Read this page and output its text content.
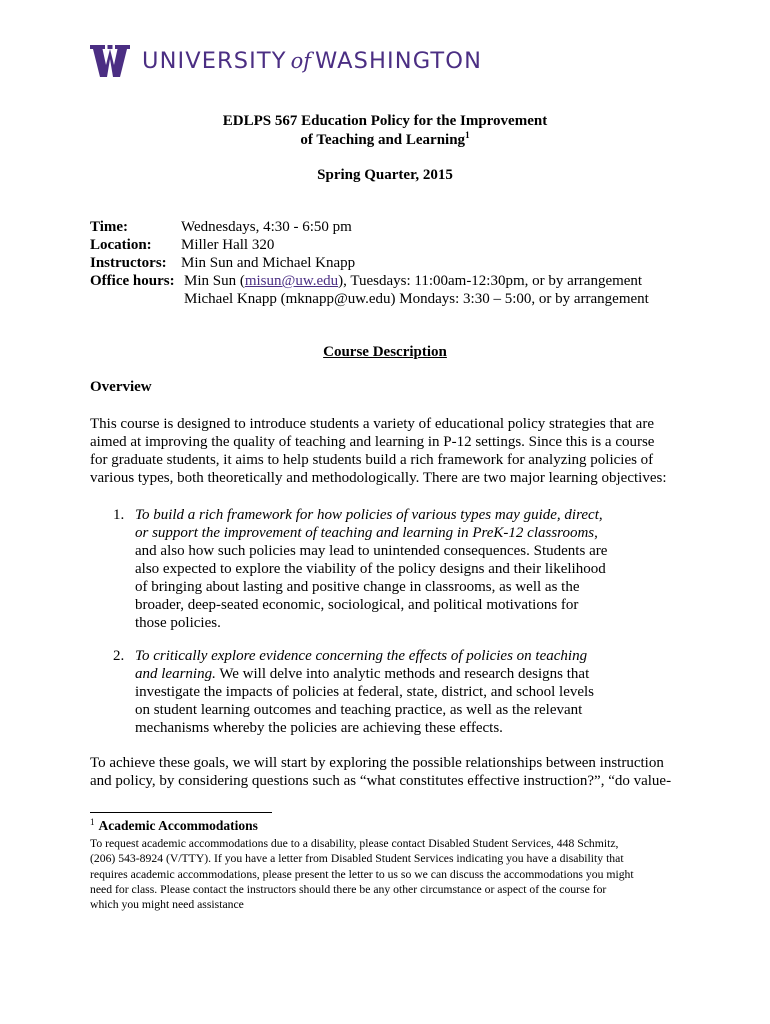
UNIVERSITY of WASHINGTON
EDLPS 567 Education Policy for the Improvement
of Teaching and Learning$^1$
Spring Quarter, 2015
Time:	Wednesdays, 4:30 - 6:50 pm
Location:	Miller Hall 320
Instructors: Min Sun and Michael Knapp
Office hours: Min Sun (misun@uw.edu), Tuesdays: 11:00am-12:30pm, or by arrangement
Michael Knapp (mknapp@uw.edu) Mondays: 3:30 – 5:00, or by arrangement
Course Description
Overview

This course is designed to introduce students a variety of educational policy strategies that are

aimed at improving the quality of teaching and learning in P-12 settings. Since this is a course

for graduate students, it aims to help students build a rich framework for analyzing policies of

various types, both theoretically and methodologically. There are two major learning objectives:

1. To build a rich framework for how policies of various types may guide, direct,

or support the improvement of teaching and learning in PreK-12 classrooms,

and also how such policies may lead to unintended consequences. Students are

also expected to explore the viability of the policy designs and their likelihood

of bringing about lasting and positive change in classrooms, as well as the

broader, deep-seated economic, sociological, and political motivations for

those policies.

2. To critically explore evidence concerning the effects of policies on teaching

and learning. We will delve into analytic methods and research designs that

investigate the impacts of policies at federal, state, district, and school levels

on student learning outcomes and teaching practice, as well as the relevant

mechanisms whereby the policies are achieving these effects.

To achieve these goals, we will start by exploring the possible relationships between instruction

and policy, by considering questions such as “what constitutes effective instruction?”, “do value-

$^1$ Academic Accommodations

To request academic accommodations due to a disability, please contact Disabled Student Services, 448 Schmitz,

(206) 543-8924 (V/TTY). If you have a letter from Disabled Student Services indicating you have a disability that

requires academic accommodations, please present the letter to us so we can discuss the accommodations you might

need for class. Please contact the instructors should there be any other circumstance or aspect of the course for

which you might need assistance
